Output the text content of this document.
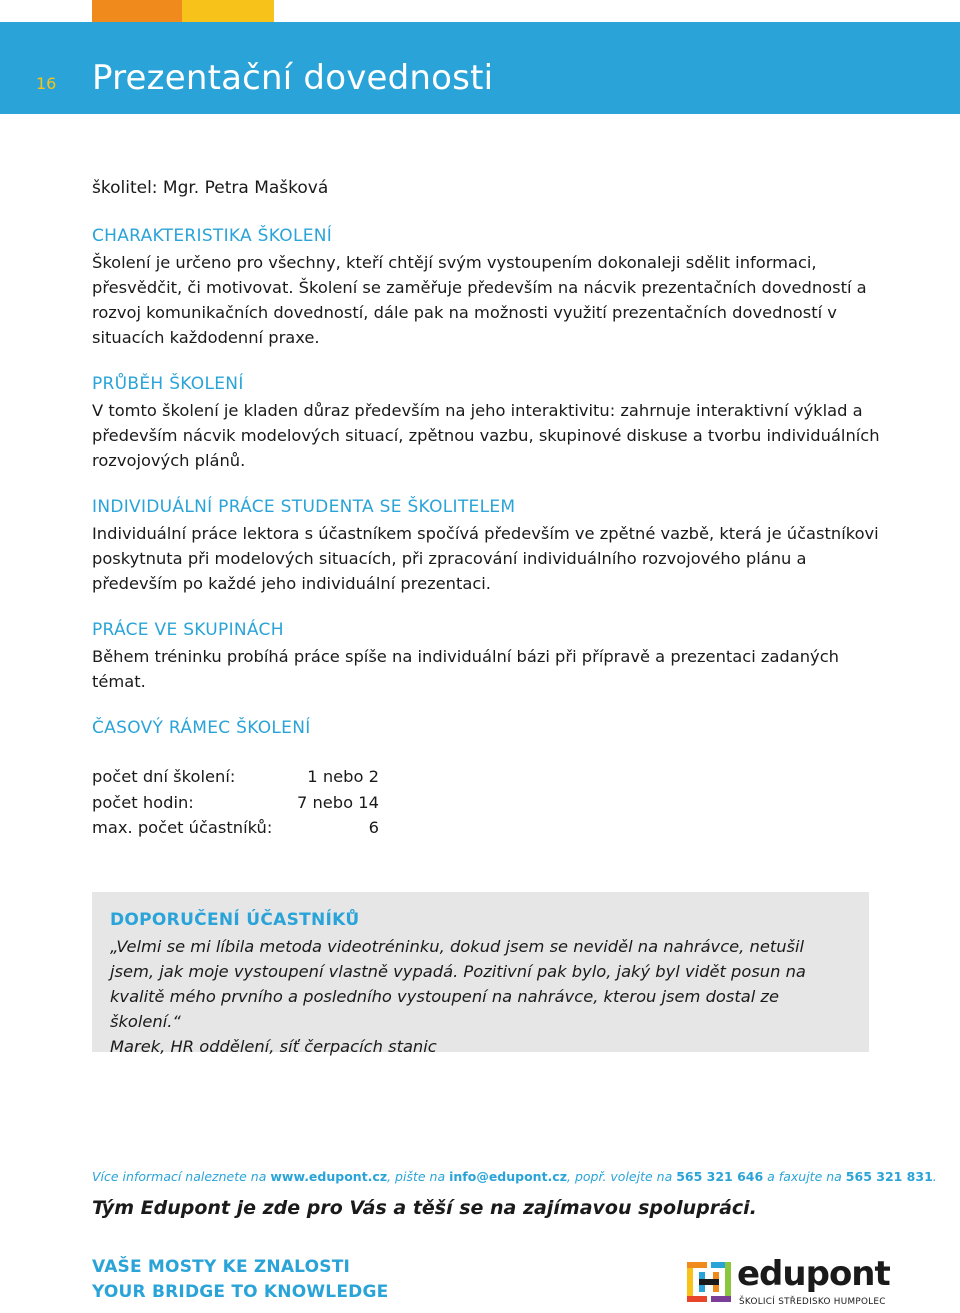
16 Prezentační dovednosti

školitel: Mgr. Petra Mašková

CHARAKTERISTIKA ŠKOLENÍ

Školení je určeno pro všechny, kteří chtějí svým vystoupením dokonaleji sdělit informaci, přesvědčit, či motivovat. Školení se zaměřuje především na nácvik prezentačních dovedností a rozvoj komunikačních dovedností, dále pak na možnosti využití prezentačních dovedností v situacích každodenní praxe.

PRŮBĚH ŠKOLENÍ

V tomto školení je kladen důraz především na jeho interaktivitu: zahrnuje interaktivní výklad a především nácvik modelových situací, zpětnou vazbu, skupinové diskuse a tvorbu individuálních rozvojových plánů.

INDIVIDUÁLNÍ PRÁCE STUDENTA SE ŠKOLITELEM

Individuální práce lektora s účastníkem spočívá především ve zpětné vazbě, která je účastníkovi poskytnuta při modelových situacích, při zpracování individuálního rozvojového plánu a především po každé jeho individuální prezentaci.

PRÁCE VE SKUPINÁCH

Během tréninku probíhá práce spíše na individuální bázi při přípravě a prezentaci zadaných témat.

ČASOVÝ RÁMEC ŠKOLENÍ
počet dní školení:	1 nebo 2
počet hodin:	7 nebo 14
max. počet účastníků:	6
DOPORUČENÍ ÚČASTNÍKŮ

„Velmi se mi líbila metoda videotréninku, dokud jsem se neviděl na nahrávce, netušil jsem, jak moje vystoupení vlastně vypadá. Pozitivní pak bylo, jaký byl vidět posun na kvalitě mého prvního a posledního vystoupení na nahrávce, kterou jsem dostal ze školení.“

Marek, HR oddělení, síť čerpacích stanic

Více informací naleznete na www.edupont.cz, pište na info@edupont.cz, popř. volejte na 565 321 646 a faxujte na 565 321 831.

Tým Edupont je zde pro Vás a těší se na zajímavou spolupráci.

VAŠE MOSTY KE ZNALOSTI
YOUR BRIDGE TO KNOWLEDGE	edupont
ŠKOLICÍ STŘEDISKO HUMPOLEC
